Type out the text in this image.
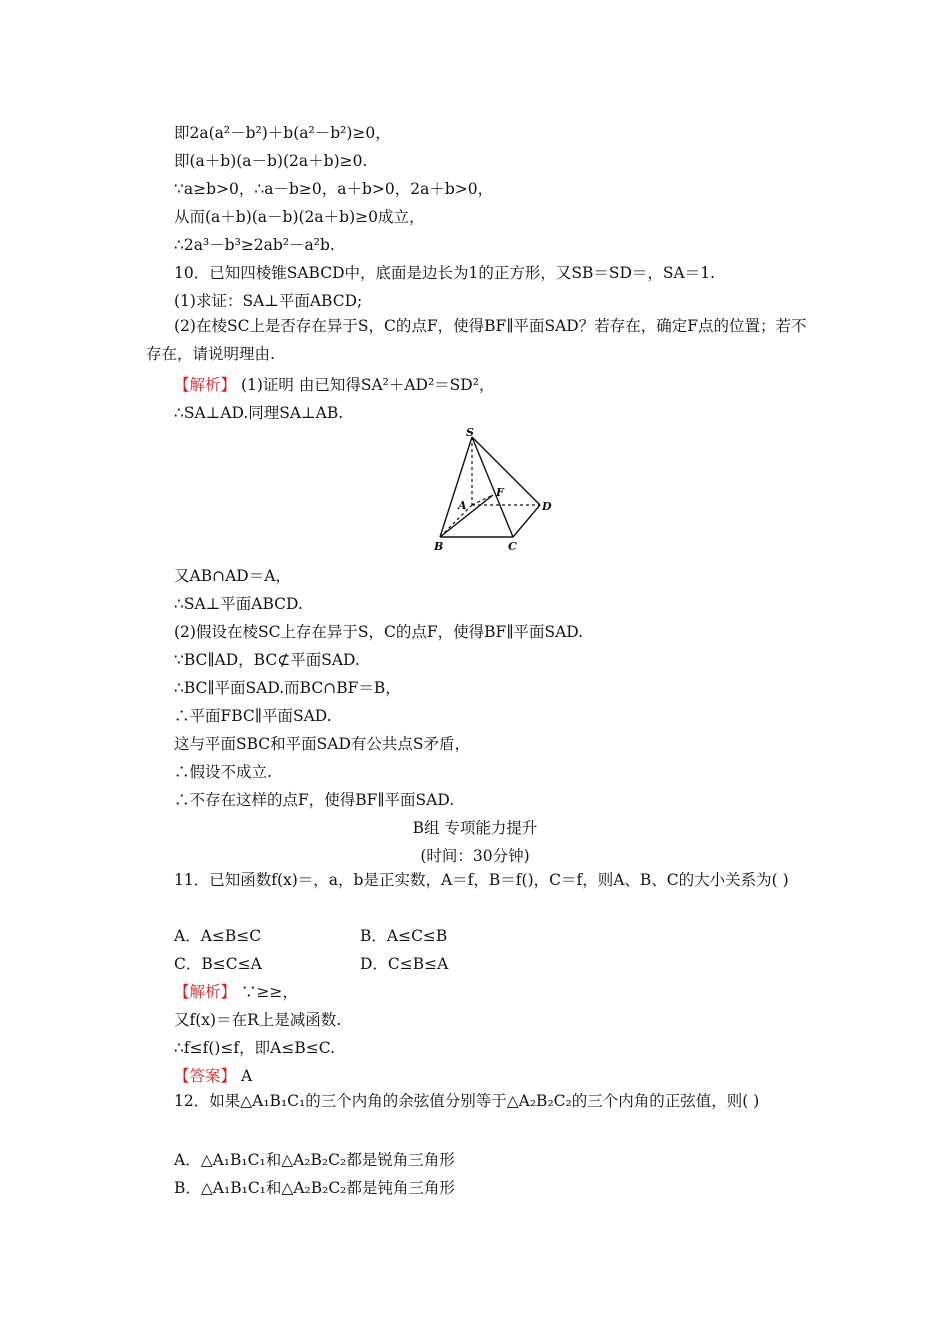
即2a(a²－b²)＋b(a²－b²)≥0，
即(a＋b)(a－b)(2a＋b)≥0.
∵a≥b>0，∴a－b≥0，a＋b>0，2a＋b>0，
从而(a＋b)(a－b)(2a＋b)≥0成立，
∴2a³－b³≥2ab²－a²b.
10．已知四棱锥SABCD中，底面是边长为1的正方形，又SB＝SD＝，SA＝1.
(1)求证：SA⊥平面ABCD;
(2)在棱SC上是否存在异于S，C的点F，使得BF∥平面SAD？若存在，确定F点的位置；若不存在，请说明理由.
【解析】 (1)证明 由已知得SA²＋AD²＝SD²，
∴SA⊥AD.同理SA⊥AB.
S
A
F
D
B	C
又AB∩AD＝A，
∴SA⊥平面ABCD.
(2)假设在棱SC上存在异于S，C的点F，使得BF∥平面SAD.
∵BC∥AD，BC⊄平面SAD.
∴BC∥平面SAD.而BC∩BF＝B，
∴平面FBC∥平面SAD.
这与平面SBC和平面SAD有公共点S矛盾，
∴假设不成立.
∴不存在这样的点F，使得BF∥平面SAD.
B组 专项能力提升
(时间：30分钟)
11．已知函数f(x)＝，a，b是正实数，A＝f，B＝f()，C＝f，则A、B、C的大小关系为( )
A．A≤B≤C	B．A≤C≤B
C．B≤C≤A	D．C≤B≤A
【解析】 ∵≥≥，
又f(x)＝在R上是减函数.
∴f≤f()≤f，即A≤B≤C.
【答案】 A
12．如果△A₁B₁C₁的三个内角的余弦值分别等于△A₂B₂C₂的三个内角的正弦值，则( )
A．△A₁B₁C₁和△A₂B₂C₂都是锐角三角形
B．△A₁B₁C₁和△A₂B₂C₂都是钝角三角形
